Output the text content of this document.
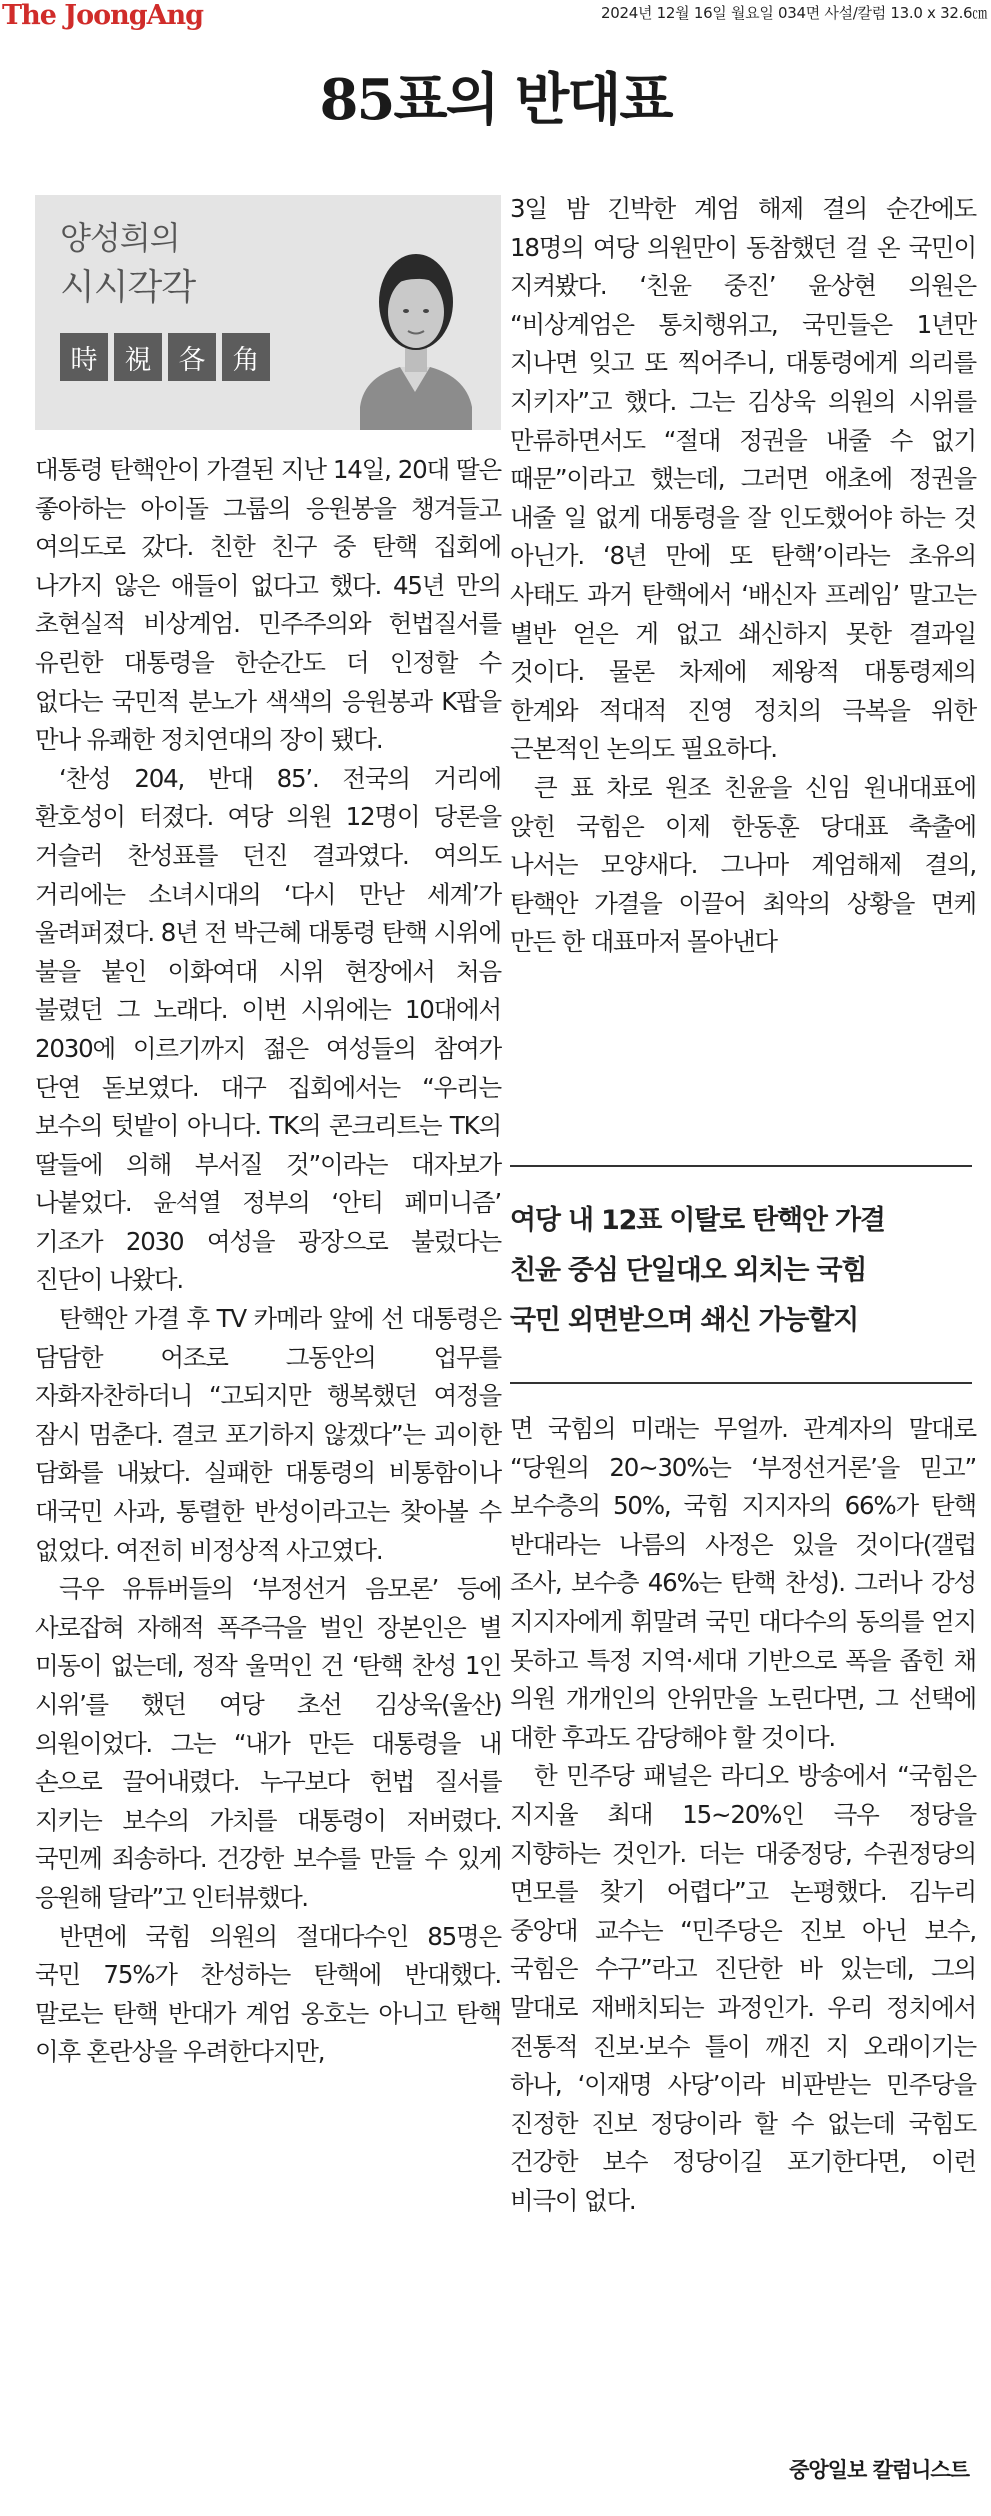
The JoongAng	2024년 12월 16일 월요일 034면 사설/칼럼 13.0 x 32.6㎝
85표의 반대표
양성희의
시시각각
時	視	各	角

대통령 탄핵안이 가결된 지난 14일, 20대 딸은 좋아하는 아이돌 그룹의 응원봉을 챙겨들고 여의도로 갔다. 친한 친구 중 탄핵 집회에 나가지 않은 애들이 없다고 했다. 45년 만의 초현실적 비상계엄. 민주주의와 헌법질서를 유린한 대통령을 한순간도 더 인정할 수 없다는 국민적 분노가 색색의 응원봉과 K팝을 만나 유쾌한 정치연대의 장이 됐다.

‘찬성 204, 반대 85’. 전국의 거리에 환호성이 터졌다. 여당 의원 12명이 당론을 거슬러 찬성표를 던진 결과였다. 여의도 거리에는 소녀시대의 ‘다시 만난 세계’가 울려퍼졌다. 8년 전 박근혜 대통령 탄핵 시위에 불을 붙인 이화여대 시위 현장에서 처음 불렸던 그 노래다. 이번 시위에는 10대에서 2030에 이르기까지 젊은 여성들의 참여가 단연 돋보였다. 대구 집회에서는 “우리는 보수의 텃밭이 아니다. TK의 콘크리트는 TK의 딸들에 의해 부서질 것”이라는 대자보가 나붙었다. 윤석열 정부의 ‘안티 페미니즘’ 기조가 2030 여성을 광장으로 불렀다는 진단이 나왔다.

탄핵안 가결 후 TV 카메라 앞에 선 대통령은 담담한 어조로 그동안의 업무를 자화자찬하더니 “고되지만 행복했던 여정을 잠시 멈춘다. 결코 포기하지 않겠다”는 괴이한 담화를 내놨다. 실패한 대통령의 비통함이나 대국민 사과, 통렬한 반성이라고는 찾아볼 수 없었다. 여전히 비정상적 사고였다.

극우 유튜버들의 ‘부정선거 음모론’ 등에 사로잡혀 자해적 폭주극을 벌인 장본인은 별 미동이 없는데, 정작 울먹인 건 ‘탄핵 찬성 1인 시위’를 했던 여당 초선 김상욱(울산) 의원이었다. 그는 “내가 만든 대통령을 내 손으로 끌어내렸다. 누구보다 헌법 질서를 지키는 보수의 가치를 대통령이 저버렸다. 국민께 죄송하다. 건강한 보수를 만들 수 있게 응원해 달라”고 인터뷰했다.

반면에 국힘 의원의 절대다수인 85명은 국민 75%가 찬성하는 탄핵에 반대했다. 말로는 탄핵 반대가 계엄 옹호는 아니고 탄핵 이후 혼란상을 우려한다지만,

3일 밤 긴박한 계엄 해제 결의 순간에도 18명의 여당 의원만이 동참했던 걸 온 국민이 지켜봤다. ‘친윤 중진’ 윤상현 의원은 “비상계엄은 통치행위고, 국민들은 1년만 지나면 잊고 또 찍어주니, 대통령에게 의리를 지키자”고 했다. 그는 김상욱 의원의 시위를 만류하면서도 “절대 정권을 내줄 수 없기 때문”이라고 했는데, 그러면 애초에 정권을 내줄 일 없게 대통령을 잘 인도했어야 하는 것 아닌가. ‘8년 만에 또 탄핵’이라는 초유의 사태도 과거 탄핵에서 ‘배신자 프레임’ 말고는 별반 얻은 게 없고 쇄신하지 못한 결과일 것이다. 물론 차제에 제왕적 대통령제의 한계와 적대적 진영 정치의 극복을 위한 근본적인 논의도 필요하다.

큰 표 차로 원조 친윤을 신임 원내대표에 앉힌 국힘은 이제 한동훈 당대표 축출에 나서는 모양새다. 그나마 계엄해제 결의, 탄핵안 가결을 이끌어 최악의 상황을 면케 만든 한 대표마저 몰아낸다

여당 내 12표 이탈로 탄핵안 가결
친윤 중심 단일대오 외치는 국힘
국민 외면받으며 쇄신 가능할지

면 국힘의 미래는 무얼까. 관계자의 말대로 “당원의 20~30%는 ‘부정선거론’을 믿고” 보수층의 50%, 국힘 지지자의 66%가 탄핵 반대라는 나름의 사정은 있을 것이다(갤럽 조사, 보수층 46%는 탄핵 찬성). 그러나 강성 지지자에게 휘말려 국민 대다수의 동의를 얻지 못하고 특정 지역·세대 기반으로 폭을 좁힌 채 의원 개개인의 안위만을 노린다면, 그 선택에 대한 후과도 감당해야 할 것이다.

한 민주당 패널은 라디오 방송에서 “국힘은 지지율 최대 15~20%인 극우 정당을 지향하는 것인가. 더는 대중정당, 수권정당의 면모를 찾기 어렵다”고 논평했다. 김누리 중앙대 교수는 “민주당은 진보 아닌 보수, 국힘은 수구”라고 진단한 바 있는데, 그의 말대로 재배치되는 과정인가. 우리 정치에서 전통적 진보·보수 틀이 깨진 지 오래이기는 하나, ‘이재명 사당’이라 비판받는 민주당을 진정한 진보 정당이라 할 수 없는데 국힘도 건강한 보수 정당이길 포기한다면, 이런 비극이 없다.

중앙일보 칼럼니스트
